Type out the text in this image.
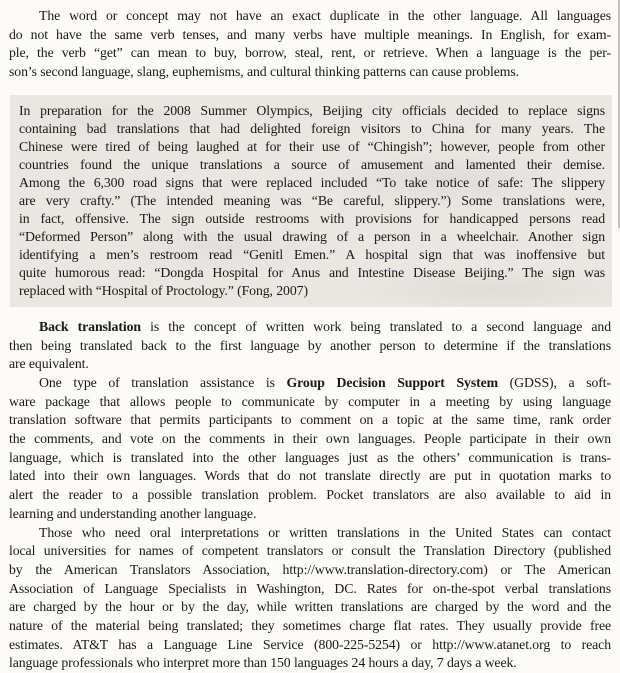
The word or concept may not have an exact duplicate in the other language. All languages
do not have the same verb tenses, and many verbs have multiple meanings. In English, for exam-
ple, the verb “get” can mean to buy, borrow, steal, rent, or retrieve. When a language is the per-
son’s second language, slang, euphemisms, and cultural thinking patterns can cause problems.
In preparation for the 2008 Summer Olympics, Beijing city officials decided to replace signs
containing bad translations that had delighted foreign visitors to China for many years. The
Chinese were tired of being laughed at for their use of “Chingish”; however, people from other
countries found the unique translations a source of amusement and lamented their demise.
Among the 6,300 road signs that were replaced included “To take notice of safe: The slippery
are very crafty.” (The intended meaning was “Be careful, slippery.”) Some translations were,
in fact, offensive. The sign outside restrooms with provisions for handicapped persons read
“Deformed Person” along with the usual drawing of a person in a wheelchair. Another sign
identifying a men’s restroom read “Genitl Emen.” A hospital sign that was inoffensive but
quite humorous read: “Dongda Hospital for Anus and Intestine Disease Beijing.” The sign was
replaced with “Hospital of Proctology.” (Fong, 2007)
Back translation is the concept of written work being translated to a second language and
then being translated back to the first language by another person to determine if the translations
are equivalent.
One type of translation assistance is Group Decision Support System (GDSS), a soft-
ware package that allows people to communicate by computer in a meeting by using language
translation software that permits participants to comment on a topic at the same time, rank order
the comments, and vote on the comments in their own languages. People participate in their own
language, which is translated into the other languages just as the others’ communication is trans-
lated into their own languages. Words that do not translate directly are put in quotation marks to
alert the reader to a possible translation problem. Pocket translators are also available to aid in
learning and understanding another language.
Those who need oral interpretations or written translations in the United States can contact
local universities for names of competent translators or consult the Translation Directory (published
by the American Translators Association, http://www.translation-directory.com) or The American
Association of Language Specialists in Washington, DC. Rates for on-the-spot verbal translations
are charged by the hour or by the day, while written translations are charged by the word and the
nature of the material being translated; they sometimes charge flat rates. They usually provide free
estimates. AT&T has a Language Line Service (800-225-5254) or http://www.atanet.org to reach
language professionals who interpret more than 150 languages 24 hours a day, 7 days a week.
